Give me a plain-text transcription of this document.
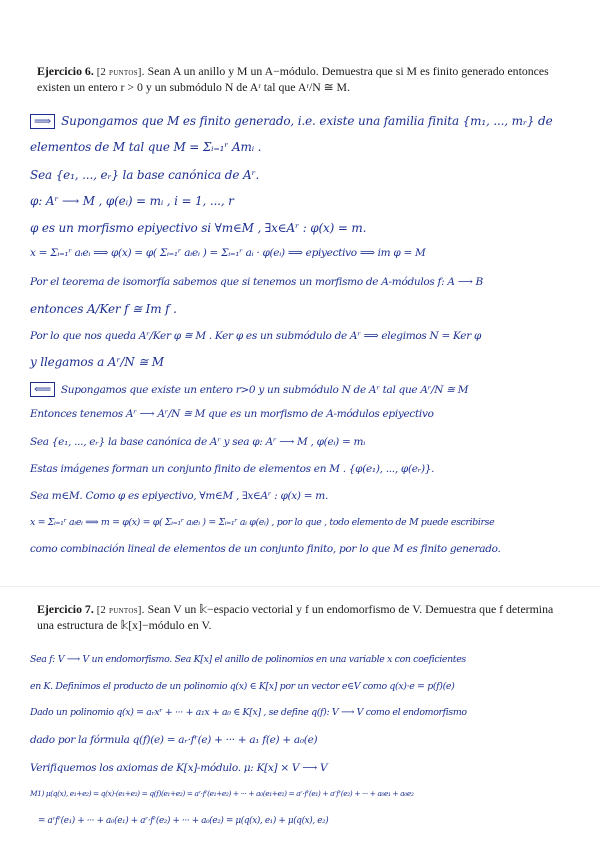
Ejercicio 6. [2 puntos]. Sean A un anillo y M un A−módulo. Demuestra que si M es finito generado entonces existen un entero r > 0 y un submódulo N de Aʳ tal que Aʳ/N ≅ M.
⟹ Supongamos que M es finito generado, i.e. existe una familia finita {m₁, ..., mᵣ} de
elementos de M tal que M = Σᵢ₌₁ʳ Amᵢ .
Sea {e₁, ..., eᵣ} la base canónica de Aʳ.
φ: Aʳ ⟶ M , φ(eᵢ) = mᵢ , i = 1, ..., r
φ es un morfismo epiyectivo si ∀m∈M , ∃x∈Aʳ : φ(x) = m.
x = Σᵢ₌₁ʳ aᵢeᵢ ⟹ φ(x) = φ( Σᵢ₌₁ʳ aᵢeᵢ ) = Σᵢ₌₁ʳ aᵢ · φ(eᵢ) ⟹ epiyectivo ⟹ im φ = M
Por el teorema de isomorfía sabemos que si tenemos un morfismo de A-módulos f: A ⟶ B
entonces A/Ker f ≅ Im f .
Por lo que nos queda Aʳ/Ker φ ≅ M . Ker φ es un submódulo de Aʳ ⟹ elegimos N = Ker φ
y llegamos a Aʳ/N ≅ M
⟸ Supongamos que existe un entero r>0 y un submódulo N de Aʳ tal que Aʳ/N ≅ M
Entonces tenemos Aʳ ⟶ Aʳ/N ≅ M que es un morfismo de A-módulos epiyectivo
Sea {e₁, ..., eᵣ} la base canónica de Aʳ y sea φ: Aʳ ⟶ M , φ(eᵢ) = mᵢ
Estas imágenes forman un conjunto finito de elementos en M . {φ(e₁), ..., φ(eᵣ)}.
Sea m∈M. Como φ es epiyectivo, ∀m∈M , ∃x∈Aʳ : φ(x) = m.
x = Σᵢ₌₁ʳ aᵢeᵢ ⟹ m = φ(x) = φ( Σᵢ₌₁ʳ aᵢeᵢ ) = Σᵢ₌₁ʳ aᵢ φ(eᵢ) , por lo que , todo elemento de M puede escribirse
como combinación lineal de elementos de un conjunto finito, por lo que M es finito generado.
Ejercicio 7. [2 puntos]. Sean V un 𝕜−espacio vectorial y f un endomorfismo de V. Demuestra que f determina una estructura de 𝕜[x]−módulo en V.
Sea f: V ⟶ V un endomorfismo. Sea K[x] el anillo de polinomios en una variable x con coeficientes
en K. Definimos el producto de un polinomio q(x) ∈ K[x] por un vector e∈V como q(x)·e = p(f)(e)
Dado un polinomio q(x) = aᵣxʳ + ··· + a₁x + a₀ ∈ K[x] , se define q(f): V ⟶ V como el endomorfismo
dado por la fórmula q(f)(e) = aᵣ·fʳ(e) + ··· + a₁ f(e) + a₀(e)
Verifiquemos los axiomas de K[x]-módulo. μ: K[x] × V ⟶ V
M1) μ(q(x), e₁+e₂) = q(x)·(e₁+e₂) = q(f)(e₁+e₂) = aʳ·fʳ(e₁+e₂) + ··· + a₀(e₁+e₂) = aʳ·fʳ(e₁) + aʳfʳ(e₂) + ··· + a₀e₁ + a₀e₂
= aʳfʳ(e₁) + ··· + a₀(e₁) + aʳ·fʳ(e₂) + ··· + a₀(e₂) = μ(q(x), e₁) + μ(q(x), e₂)
